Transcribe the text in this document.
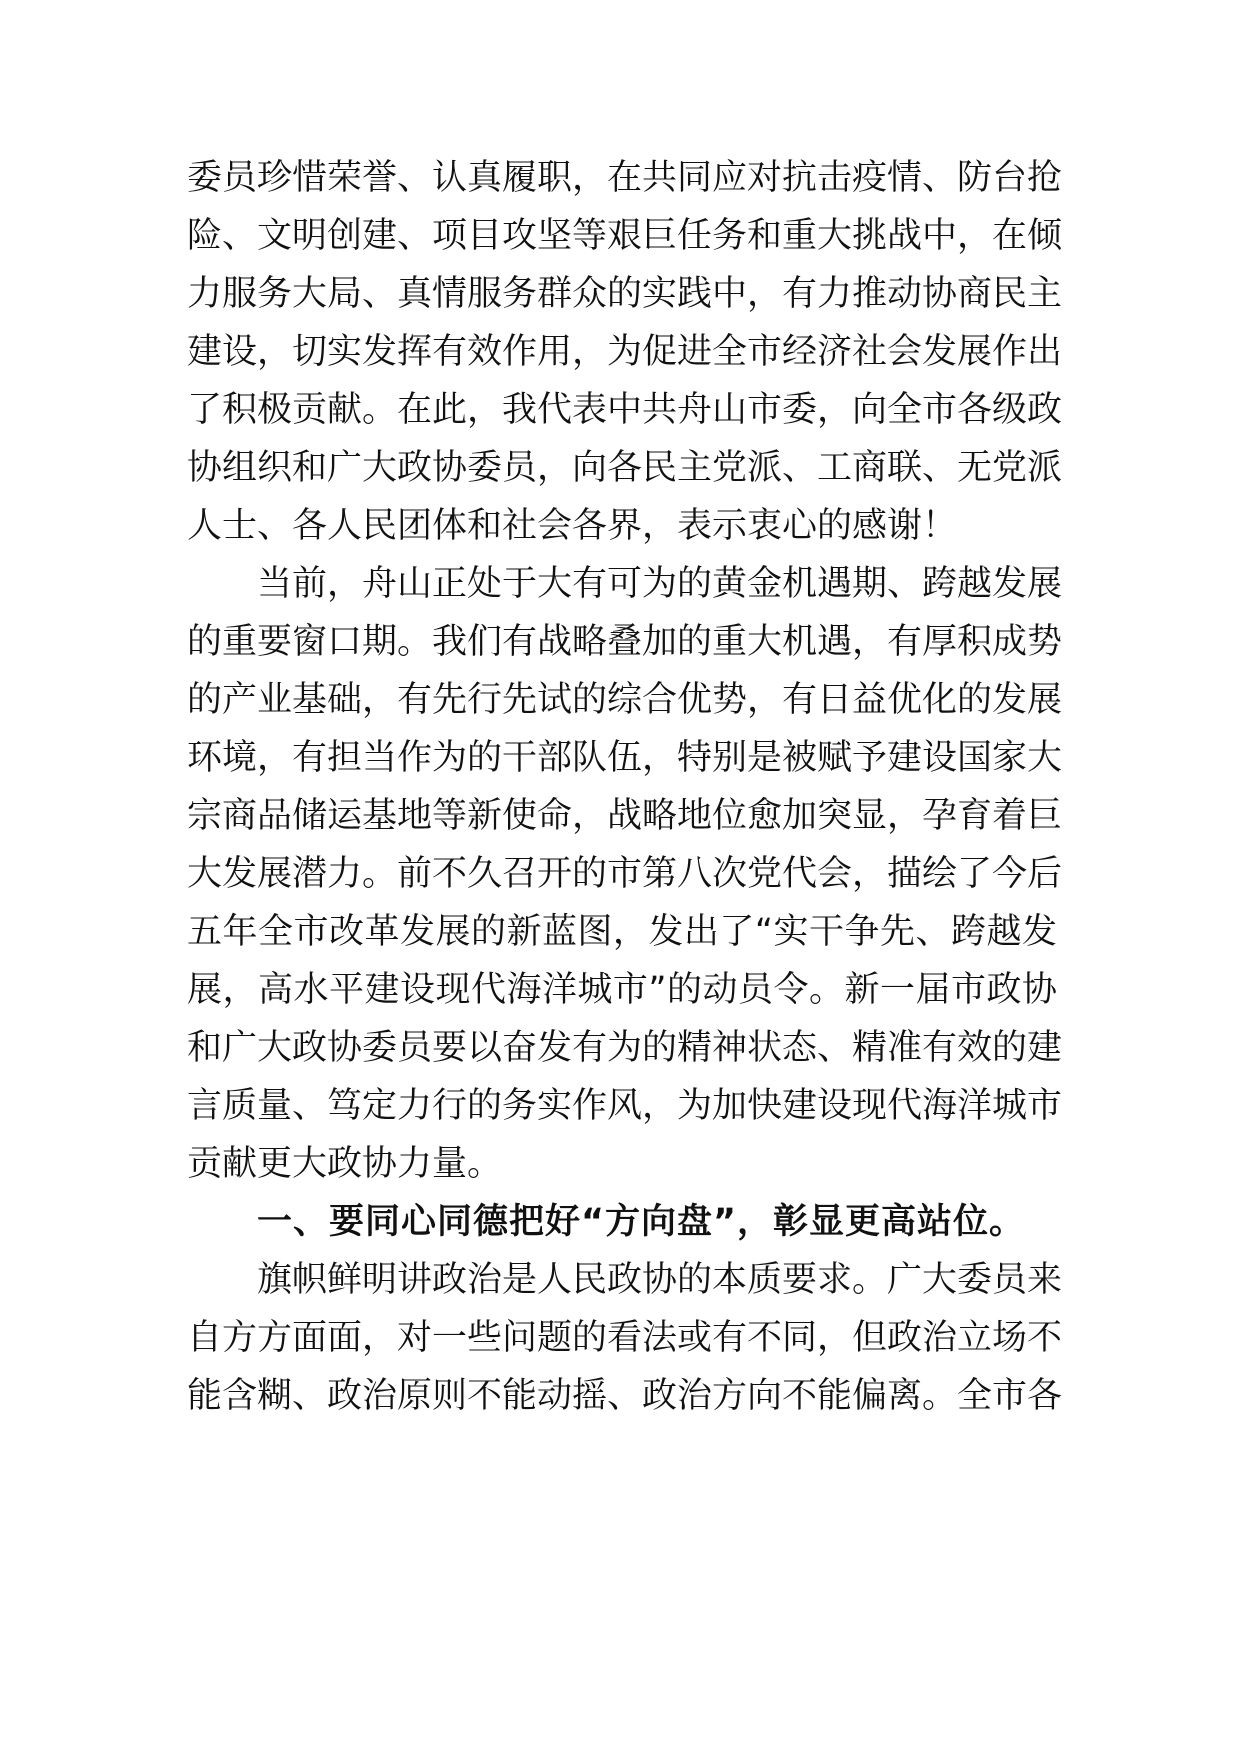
委员珍惜荣誉、认真履职，在共同应对抗击疫情、防台抢
险、文明创建、项目攻坚等艰巨任务和重大挑战中，在倾
力服务大局、真情服务群众的实践中，有力推动协商民主
建设，切实发挥有效作用，为促进全市经济社会发展作出
了积极贡献。在此，我代表中共舟山市委，向全市各级政
协组织和广大政协委员，向各民主党派、工商联、无党派
人士、各人民团体和社会各界，表示衷心的感谢！
当前，舟山正处于大有可为的黄金机遇期、跨越发展
的重要窗口期。我们有战略叠加的重大机遇，有厚积成势
的产业基础，有先行先试的综合优势，有日益优化的发展
环境，有担当作为的干部队伍，特别是被赋予建设国家大
宗商品储运基地等新使命，战略地位愈加突显，孕育着巨
大发展潜力。前不久召开的市第八次党代会，描绘了今后
五年全市改革发展的新蓝图，发出了“实干争先、跨越发
展，高水平建设现代海洋城市”的动员令。新一届市政协
和广大政协委员要以奋发有为的精神状态、精准有效的建
言质量、笃定力行的务实作风，为加快建设现代海洋城市
贡献更大政协力量。
一、要同心同德把好“方向盘”，彰显更高站位。
旗帜鲜明讲政治是人民政协的本质要求。广大委员来
自方方面面，对一些问题的看法或有不同，但政治立场不
能含糊、政治原则不能动摇、政治方向不能偏离。全市各
